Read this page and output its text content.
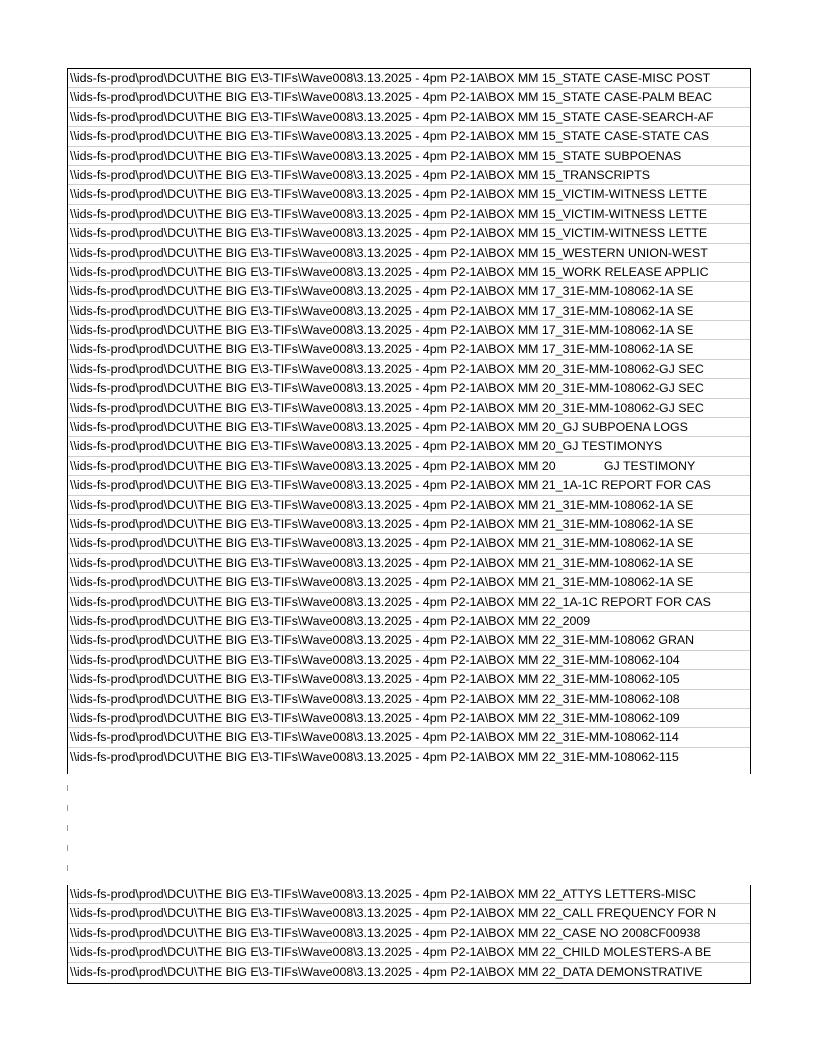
\\ids-fs-prod\prod\DCU\THE BIG E\3-TIFs\Wave008\3.13.2025 - 4pm P2-1A\BOX MM 15_STATE CASE-MISC POST
\\ids-fs-prod\prod\DCU\THE BIG E\3-TIFs\Wave008\3.13.2025 - 4pm P2-1A\BOX MM 15_STATE CASE-PALM BEAC
\\ids-fs-prod\prod\DCU\THE BIG E\3-TIFs\Wave008\3.13.2025 - 4pm P2-1A\BOX MM 15_STATE CASE-SEARCH-AF
\\ids-fs-prod\prod\DCU\THE BIG E\3-TIFs\Wave008\3.13.2025 - 4pm P2-1A\BOX MM 15_STATE CASE-STATE CAS
\\ids-fs-prod\prod\DCU\THE BIG E\3-TIFs\Wave008\3.13.2025 - 4pm P2-1A\BOX MM 15_STATE SUBPOENAS
\\ids-fs-prod\prod\DCU\THE BIG E\3-TIFs\Wave008\3.13.2025 - 4pm P2-1A\BOX MM 15_TRANSCRIPTS
\\ids-fs-prod\prod\DCU\THE BIG E\3-TIFs\Wave008\3.13.2025 - 4pm P2-1A\BOX MM 15_VICTIM-WITNESS LETTE
\\ids-fs-prod\prod\DCU\THE BIG E\3-TIFs\Wave008\3.13.2025 - 4pm P2-1A\BOX MM 15_VICTIM-WITNESS LETTE
\\ids-fs-prod\prod\DCU\THE BIG E\3-TIFs\Wave008\3.13.2025 - 4pm P2-1A\BOX MM 15_VICTIM-WITNESS LETTE
\\ids-fs-prod\prod\DCU\THE BIG E\3-TIFs\Wave008\3.13.2025 - 4pm P2-1A\BOX MM 15_WESTERN UNION-WEST
\\ids-fs-prod\prod\DCU\THE BIG E\3-TIFs\Wave008\3.13.2025 - 4pm P2-1A\BOX MM 15_WORK RELEASE APPLIC
\\ids-fs-prod\prod\DCU\THE BIG E\3-TIFs\Wave008\3.13.2025 - 4pm P2-1A\BOX MM 17_31E-MM-108062-1A SE
\\ids-fs-prod\prod\DCU\THE BIG E\3-TIFs\Wave008\3.13.2025 - 4pm P2-1A\BOX MM 17_31E-MM-108062-1A SE
\\ids-fs-prod\prod\DCU\THE BIG E\3-TIFs\Wave008\3.13.2025 - 4pm P2-1A\BOX MM 17_31E-MM-108062-1A SE
\\ids-fs-prod\prod\DCU\THE BIG E\3-TIFs\Wave008\3.13.2025 - 4pm P2-1A\BOX MM 17_31E-MM-108062-1A SE
\\ids-fs-prod\prod\DCU\THE BIG E\3-TIFs\Wave008\3.13.2025 - 4pm P2-1A\BOX MM 20_31E-MM-108062-GJ SEC
\\ids-fs-prod\prod\DCU\THE BIG E\3-TIFs\Wave008\3.13.2025 - 4pm P2-1A\BOX MM 20_31E-MM-108062-GJ SEC
\\ids-fs-prod\prod\DCU\THE BIG E\3-TIFs\Wave008\3.13.2025 - 4pm P2-1A\BOX MM 20_31E-MM-108062-GJ SEC
\\ids-fs-prod\prod\DCU\THE BIG E\3-TIFs\Wave008\3.13.2025 - 4pm P2-1A\BOX MM 20_GJ SUBPOENA LOGS
\\ids-fs-prod\prod\DCU\THE BIG E\3-TIFs\Wave008\3.13.2025 - 4pm P2-1A\BOX MM 20_GJ TESTIMONYS
\\ids-fs-prod\prod\DCU\THE BIG E\3-TIFs\Wave008\3.13.2025 - 4pm P2-1A\BOX MM 20              GJ TESTIMONY
\\ids-fs-prod\prod\DCU\THE BIG E\3-TIFs\Wave008\3.13.2025 - 4pm P2-1A\BOX MM 21_1A-1C REPORT FOR CAS
\\ids-fs-prod\prod\DCU\THE BIG E\3-TIFs\Wave008\3.13.2025 - 4pm P2-1A\BOX MM 21_31E-MM-108062-1A SE
\\ids-fs-prod\prod\DCU\THE BIG E\3-TIFs\Wave008\3.13.2025 - 4pm P2-1A\BOX MM 21_31E-MM-108062-1A SE
\\ids-fs-prod\prod\DCU\THE BIG E\3-TIFs\Wave008\3.13.2025 - 4pm P2-1A\BOX MM 21_31E-MM-108062-1A SE
\\ids-fs-prod\prod\DCU\THE BIG E\3-TIFs\Wave008\3.13.2025 - 4pm P2-1A\BOX MM 21_31E-MM-108062-1A SE
\\ids-fs-prod\prod\DCU\THE BIG E\3-TIFs\Wave008\3.13.2025 - 4pm P2-1A\BOX MM 21_31E-MM-108062-1A SE
\\ids-fs-prod\prod\DCU\THE BIG E\3-TIFs\Wave008\3.13.2025 - 4pm P2-1A\BOX MM 22_1A-1C REPORT FOR CAS
\\ids-fs-prod\prod\DCU\THE BIG E\3-TIFs\Wave008\3.13.2025 - 4pm P2-1A\BOX MM 22_2009
\\ids-fs-prod\prod\DCU\THE BIG E\3-TIFs\Wave008\3.13.2025 - 4pm P2-1A\BOX MM 22_31E-MM-108062 GRAN
\\ids-fs-prod\prod\DCU\THE BIG E\3-TIFs\Wave008\3.13.2025 - 4pm P2-1A\BOX MM 22_31E-MM-108062-104
\\ids-fs-prod\prod\DCU\THE BIG E\3-TIFs\Wave008\3.13.2025 - 4pm P2-1A\BOX MM 22_31E-MM-108062-105
\\ids-fs-prod\prod\DCU\THE BIG E\3-TIFs\Wave008\3.13.2025 - 4pm P2-1A\BOX MM 22_31E-MM-108062-108
\\ids-fs-prod\prod\DCU\THE BIG E\3-TIFs\Wave008\3.13.2025 - 4pm P2-1A\BOX MM 22_31E-MM-108062-109
\\ids-fs-prod\prod\DCU\THE BIG E\3-TIFs\Wave008\3.13.2025 - 4pm P2-1A\BOX MM 22_31E-MM-108062-114
\\ids-fs-prod\prod\DCU\THE BIG E\3-TIFs\Wave008\3.13.2025 - 4pm P2-1A\BOX MM 22_31E-MM-108062-115
\\ids-fs-prod\prod\DCU\THE BIG E\3-TIFs\Wave008\3.13.2025 - 4pm P2-1A\BOX MM 22_ATTYS LETTERS-MISC
\\ids-fs-prod\prod\DCU\THE BIG E\3-TIFs\Wave008\3.13.2025 - 4pm P2-1A\BOX MM 22_CALL FREQUENCY FOR N
\\ids-fs-prod\prod\DCU\THE BIG E\3-TIFs\Wave008\3.13.2025 - 4pm P2-1A\BOX MM 22_CASE NO 2008CF00938
\\ids-fs-prod\prod\DCU\THE BIG E\3-TIFs\Wave008\3.13.2025 - 4pm P2-1A\BOX MM 22_CHILD MOLESTERS-A BE
\\ids-fs-prod\prod\DCU\THE BIG E\3-TIFs\Wave008\3.13.2025 - 4pm P2-1A\BOX MM 22_DATA DEMONSTRATIVE
